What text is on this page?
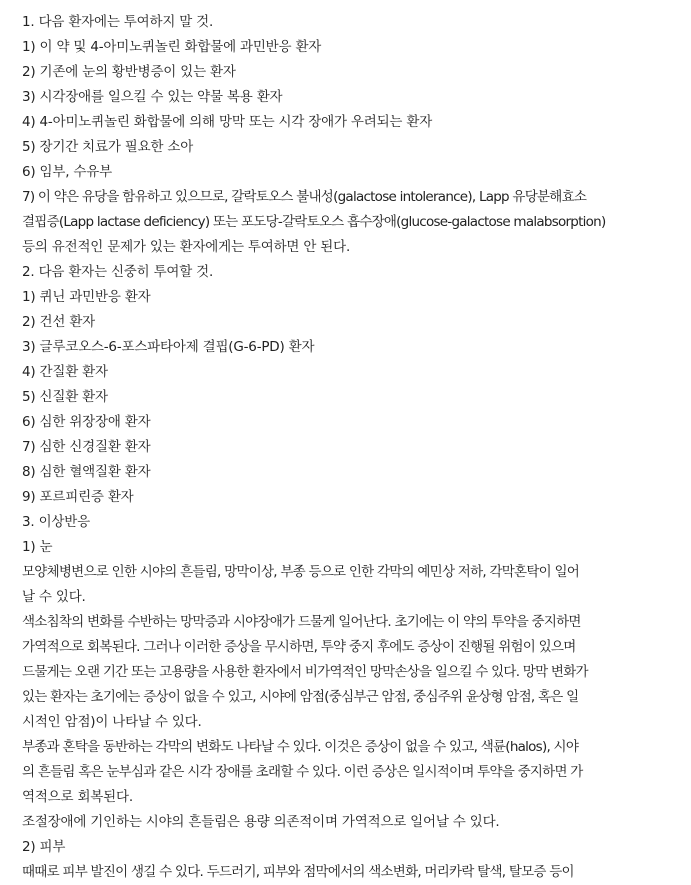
1. 다음 환자에는 투여하지 말 것.
1) 이 약 및 4-아미노퀴놀린 화합물에 과민반응 환자
2) 기존에 눈의 황반병증이 있는 환자
3) 시각장애를 일으킬 수 있는 약물 복용 환자
4) 4-아미노퀴놀린 화합물에 의해 망막 또는 시각 장애가 우려되는 환자
5) 장기간 치료가 필요한 소아
6) 임부, 수유부
7) 이 약은 유당을 함유하고 있으므로, 갈락토오스 불내성(galactose intolerance), Lapp 유당분해효소
결핍증(Lapp lactase deficiency) 또는 포도당-갈락토오스 흡수장애(glucose-galactose malabsorption)
등의 유전적인 문제가 있는 환자에게는 투여하면 안 된다.
2. 다음 환자는 신중히 투여할 것.
1) 퀴닌 과민반응 환자
2) 건선 환자
3) 글루코오스-6-포스파타아제 결핍(G-6-PD) 환자
4) 간질환 환자
5) 신질환 환자
6) 심한 위장장애 환자
7) 심한 신경질환 환자
8) 심한 혈액질환 환자
9) 포르피린증 환자
3. 이상반응
1) 눈
모양체병변으로 인한 시야의 흔들림, 망막이상, 부종 등으로 인한 각막의 예민상 저하, 각막혼탁이 일어
날 수 있다.
색소침착의 변화를 수반하는 망막증과 시야장애가 드물게 일어난다. 초기에는 이 약의 투약을 중지하면
가역적으로 회복된다. 그러나 이러한 증상을 무시하면, 투약 중지 후에도 증상이 진행될 위험이 있으며
드물게는 오랜 기간 또는 고용량을 사용한 환자에서 비가역적인 망막손상을 일으킬 수 있다. 망막 변화가
있는 환자는 초기에는 증상이 없을 수 있고, 시야에 암점(중심부근 암점, 중심주위 윤상형 암점, 혹은 일
시적인 암점)이 나타날 수 있다.
부종과 혼탁을 동반하는 각막의 변화도 나타날 수 있다. 이것은 증상이 없을 수 있고, 색륜(halos), 시야
의 흔들림 혹은 눈부심과 같은 시각 장애를 초래할 수 있다. 이런 증상은 일시적이며 투약을 중지하면 가
역적으로 회복된다.
조절장애에 기인하는 시야의 흔들림은 용량 의존적이며 가역적으로 일어날 수 있다.
2) 피부
때때로 피부 발진이 생길 수 있다. 두드러기, 피부와 점막에서의 색소변화, 머리카락 탈색, 탈모증 등이
